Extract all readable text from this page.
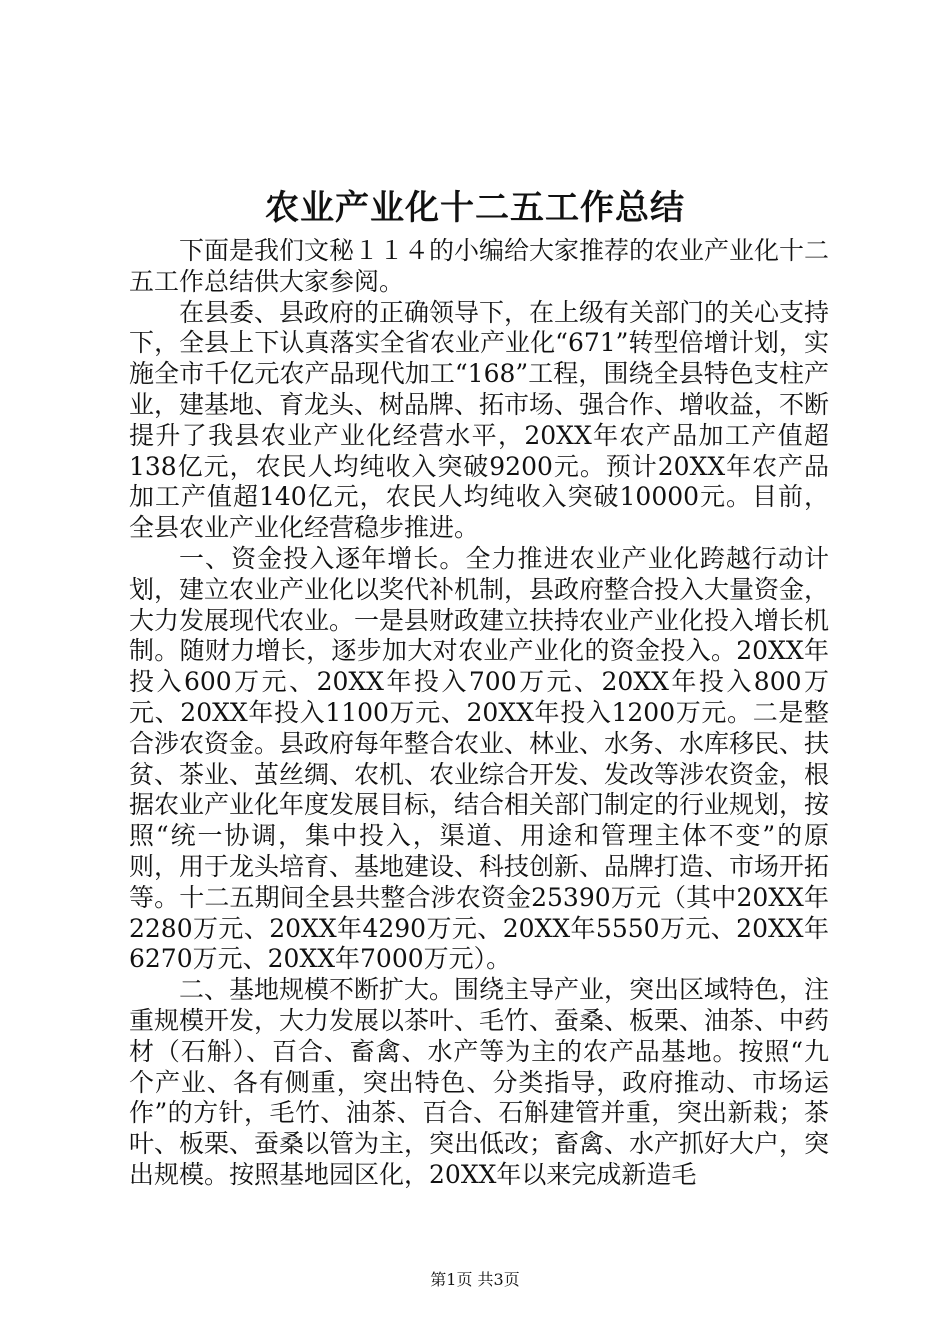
农业产业化十二五工作总结

下面是我们文秘１１４的小编给大家推荐的农业产业化十二五工作总结供大家参阅。

在县委、县政府的正确领导下，在上级有关部门的关心支持下，全县上下认真落实全省农业产业化“671”转型倍增计划，实施全市千亿元农产品现代加工“168”工程，围绕全县特色支柱产业，建基地、育龙头、树品牌、拓市场、强合作、增收益，不断提升了我县农业产业化经营水平，20XX年农产品加工产值超138亿元，农民人均纯收入突破9200元。预计20XX年农产品加工产值超140亿元，农民人均纯收入突破10000元。目前，全县农业产业化经营稳步推进。

一、资金投入逐年增长。全力推进农业产业化跨越行动计划，建立农业产业化以奖代补机制，县政府整合投入大量资金，大力发展现代农业。一是县财政建立扶持农业产业化投入增长机制。随财力增长，逐步加大对农业产业化的资金投入。20XX年投入600万元、20XX年投入700万元、20XX年投入800万元、20XX年投入1100万元、20XX年投入1200万元。二是整合涉农资金。县政府每年整合农业、林业、水务、水库移民、扶贫、茶业、茧丝绸、农机、农业综合开发、发改等涉农资金，根据农业产业化年度发展目标，结合相关部门制定的行业规划，按照“统一协调，集中投入，渠道、用途和管理主体不变”的原则，用于龙头培育、基地建设、科技创新、品牌打造、市场开拓等。十二五期间全县共整合涉农资金25390万元（其中20XX年2280万元、20XX年4290万元、20XX年5550万元、20XX年6270万元、20XX年7000万元）。

二、基地规模不断扩大。围绕主导产业，突出区域特色，注重规模开发，大力发展以茶叶、毛竹、蚕桑、板栗、油茶、中药材（石斛）、百合、畜禽、水产等为主的农产品基地。按照“九个产业、各有侧重，突出特色、分类指导，政府推动、市场运作”的方针，毛竹、油茶、百合、石斛建管并重，突出新栽；茶叶、板栗、蚕桑以管为主，突出低改；畜禽、水产抓好大户，突出规模。按照基地园区化，20XX年以来完成新造毛

第1页 共3页
